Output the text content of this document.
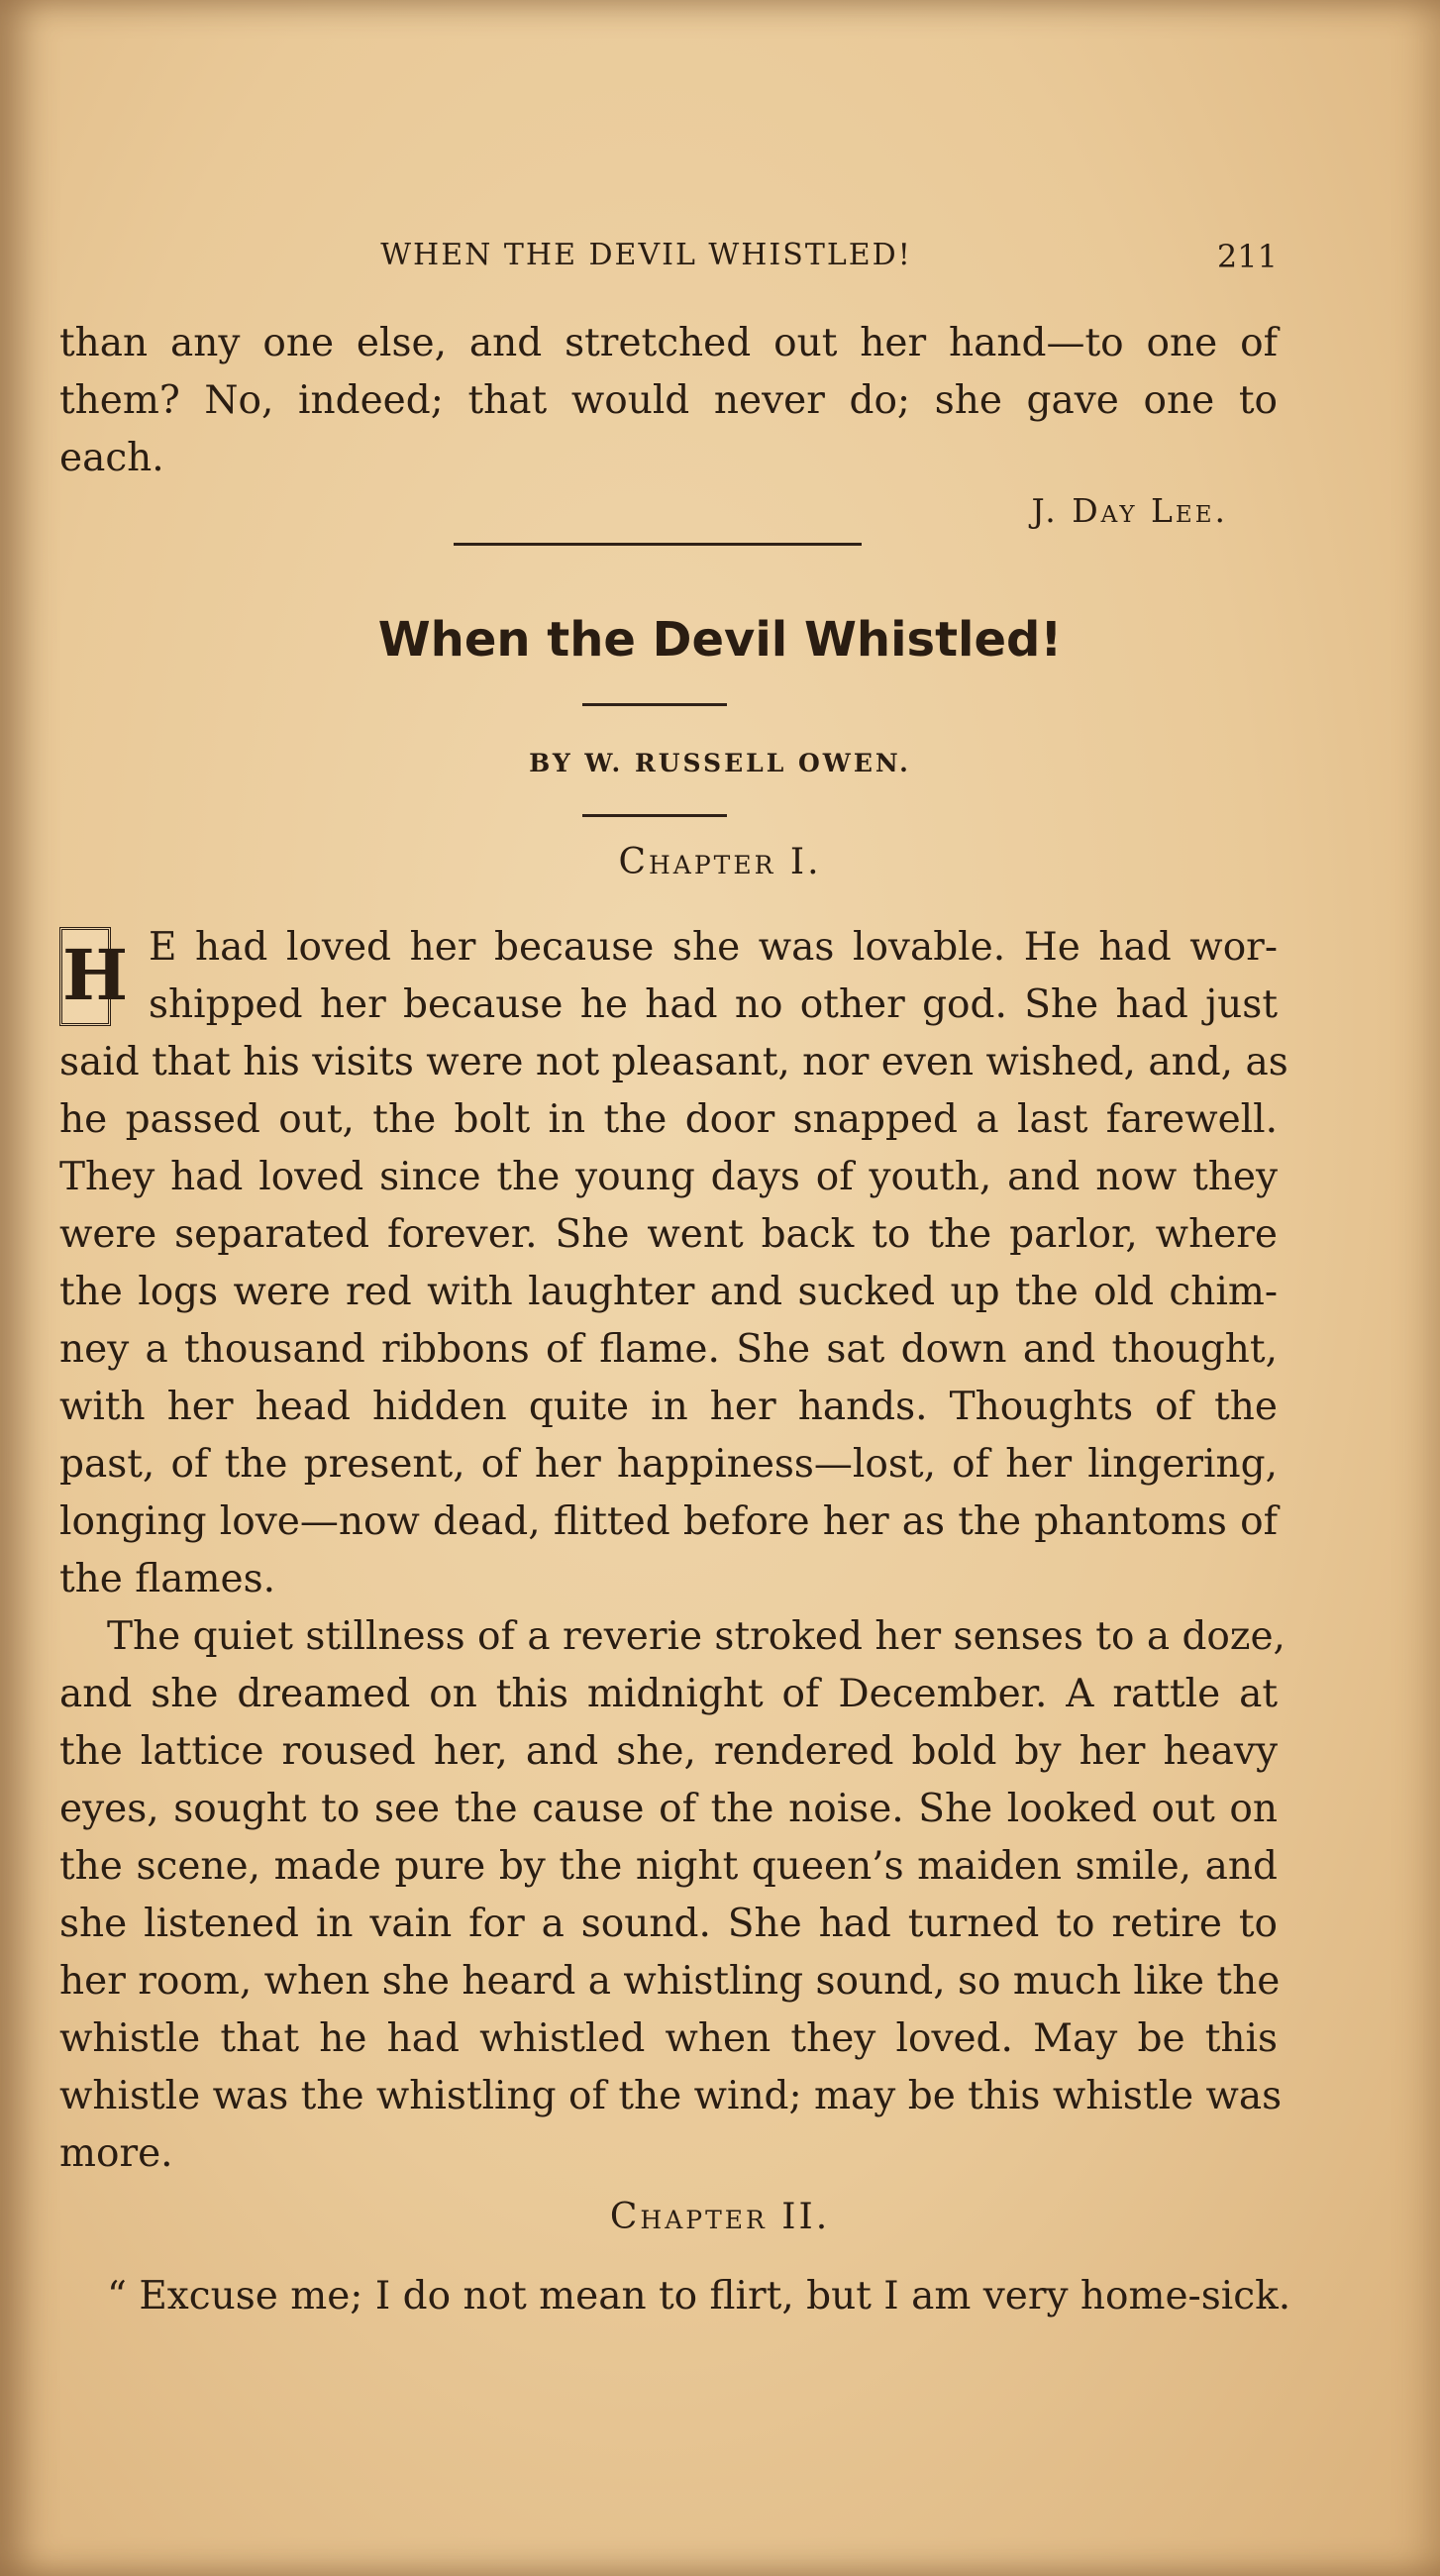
WHEN THE DEVIL WHISTLED!	211
than any one else, and stretched out her hand—to one of
them? No, indeed; that would never do; she gave one to
each.
J. Day Lee.
When the Devil Whistled!
BY W. RUSSELL OWEN.
Chapter I.
H E had loved her because she was lovable. He had wor-
shipped her because he had no other god. She had just
said that his visits were not pleasant, nor even wished, and, as
he passed out, the bolt in the door snapped a last farewell.
They had loved since the young days of youth, and now they
were separated forever. She went back to the parlor, where
the logs were red with laughter and sucked up the old chim-
ney a thousand ribbons of flame. She sat down and thought,
with her head hidden quite in her hands. Thoughts of the
past, of the present, of her happiness—lost, of her lingering,
longing love—now dead, flitted before her as the phantoms of
the flames.
The quiet stillness of a reverie stroked her senses to a doze,
and she dreamed on this midnight of December. A rattle at
the lattice roused her, and she, rendered bold by her heavy
eyes, sought to see the cause of the noise. She looked out on
the scene, made pure by the night queen’s maiden smile, and
she listened in vain for a sound. She had turned to retire to
her room, when she heard a whistling sound, so much like the
whistle that he had whistled when they loved. May be this
whistle was the whistling of the wind; may be this whistle was
more.
Chapter II.
“ Excuse me; I do not mean to flirt, but I am very home-sick.
